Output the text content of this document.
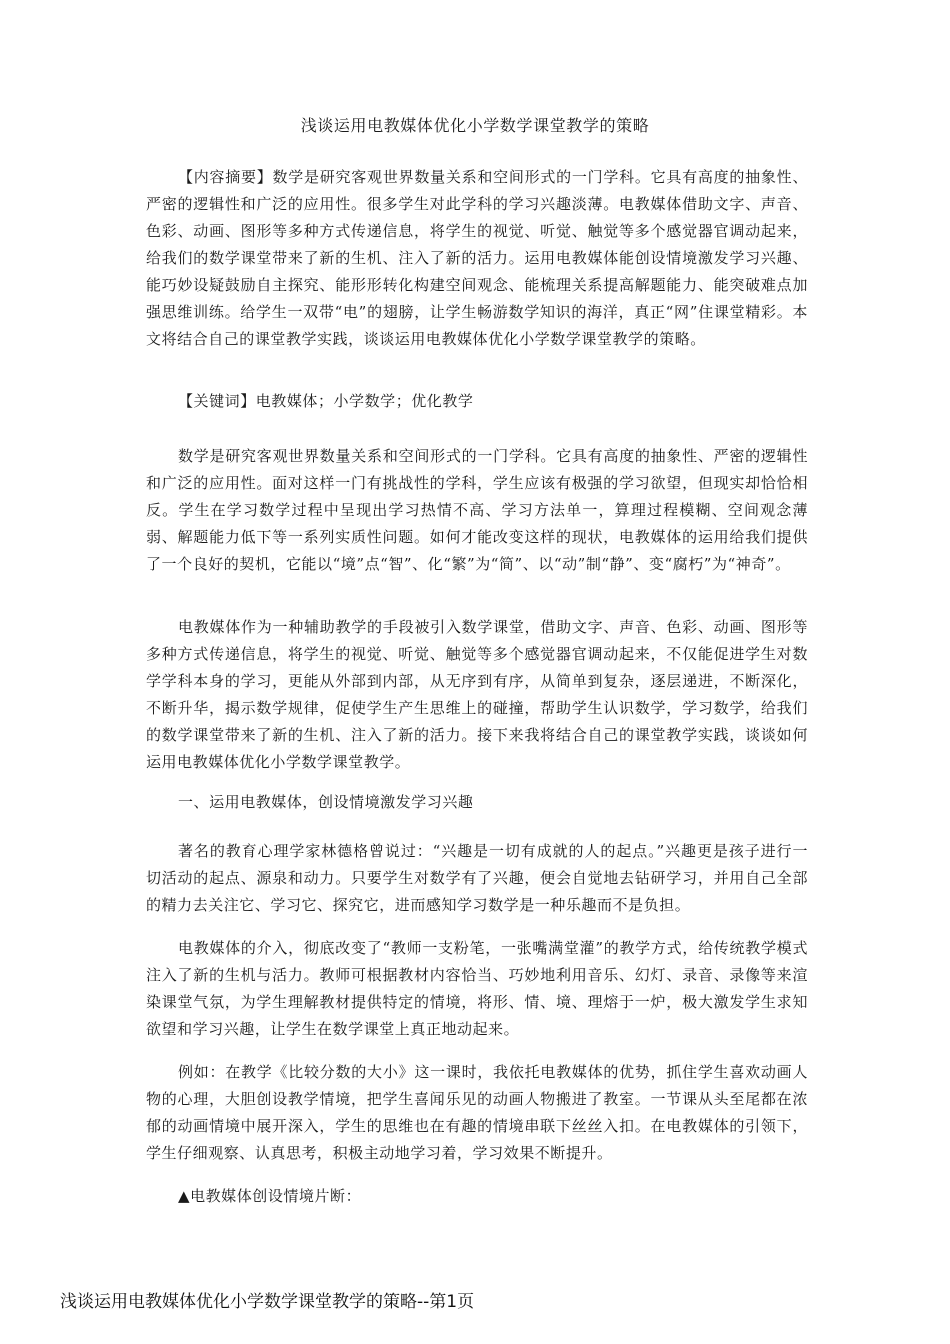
浅谈运用电教媒体优化小学数学课堂教学的策略

【内容摘要】数学是研究客观世界数量关系和空间形式的一门学科。它具有高度的抽象性、严密的逻辑性和广泛的应用性。很多学生对此学科的学习兴趣淡薄。电教媒体借助文字、声音、色彩、动画、图形等多种方式传递信息，将学生的视觉、听觉、触觉等多个感觉器官调动起来，给我们的数学课堂带来了新的生机、注入了新的活力。运用电教媒体能创设情境激发学习兴趣、能巧妙设疑鼓励自主探究、能形形转化构建空间观念、能梳理关系提高解题能力、能突破难点加强思维训练。给学生一双带“电”的翅膀，让学生畅游数学知识的海洋，真正“网”住课堂精彩。本文将结合自己的课堂教学实践，谈谈运用电教媒体优化小学数学课堂教学的策略。

【关键词】电教媒体；小学数学；优化教学

数学是研究客观世界数量关系和空间形式的一门学科。它具有高度的抽象性、严密的逻辑性和广泛的应用性。面对这样一门有挑战性的学科，学生应该有极强的学习欲望，但现实却恰恰相反。学生在学习数学过程中呈现出学习热情不高、学习方法单一，算理过程模糊、空间观念薄弱、解题能力低下等一系列实质性问题。如何才能改变这样的现状，电教媒体的运用给我们提供了一个良好的契机，它能以“境”点“智”、化“繁”为“简”、以“动”制“静”、变“腐朽”为“神奇”。

电教媒体作为一种辅助教学的手段被引入数学课堂，借助文字、声音、色彩、动画、图形等多种方式传递信息，将学生的视觉、听觉、触觉等多个感觉器官调动起来，不仅能促进学生对数学学科本身的学习，更能从外部到内部，从无序到有序，从简单到复杂，逐层递进，不断深化，不断升华，揭示数学规律，促使学生产生思维上的碰撞，帮助学生认识数学，学习数学，给我们的数学课堂带来了新的生机、注入了新的活力。接下来我将结合自己的课堂教学实践，谈谈如何运用电教媒体优化小学数学课堂教学。

一、运用电教媒体，创设情境激发学习兴趣

著名的教育心理学家林德格曾说过：“兴趣是一切有成就的人的起点。”兴趣更是孩子进行一切活动的起点、源泉和动力。只要学生对数学有了兴趣，便会自觉地去钻研学习，并用自己全部的精力去关注它、学习它、探究它，进而感知学习数学是一种乐趣而不是负担。

电教媒体的介入，彻底改变了“教师一支粉笔，一张嘴满堂灌”的教学方式，给传统教学模式注入了新的生机与活力。教师可根据教材内容恰当、巧妙地利用音乐、幻灯、录音、录像等来渲染课堂气氛，为学生理解教材提供特定的情境，将形、情、境、理熔于一炉，极大激发学生求知欲望和学习兴趣，让学生在数学课堂上真正地动起来。

例如：在教学《比较分数的大小》这一课时，我依托电教媒体的优势，抓住学生喜欢动画人物的心理，大胆创设教学情境，把学生喜闻乐见的动画人物搬进了教室。一节课从头至尾都在浓郁的动画情境中展开深入，学生的思维也在有趣的情境串联下丝丝入扣。在电教媒体的引领下，学生仔细观察、认真思考，积极主动地学习着，学习效果不断提升。

▲电教媒体创设情境片断：

浅谈运用电教媒体优化小学数学课堂教学的策略--第1页
